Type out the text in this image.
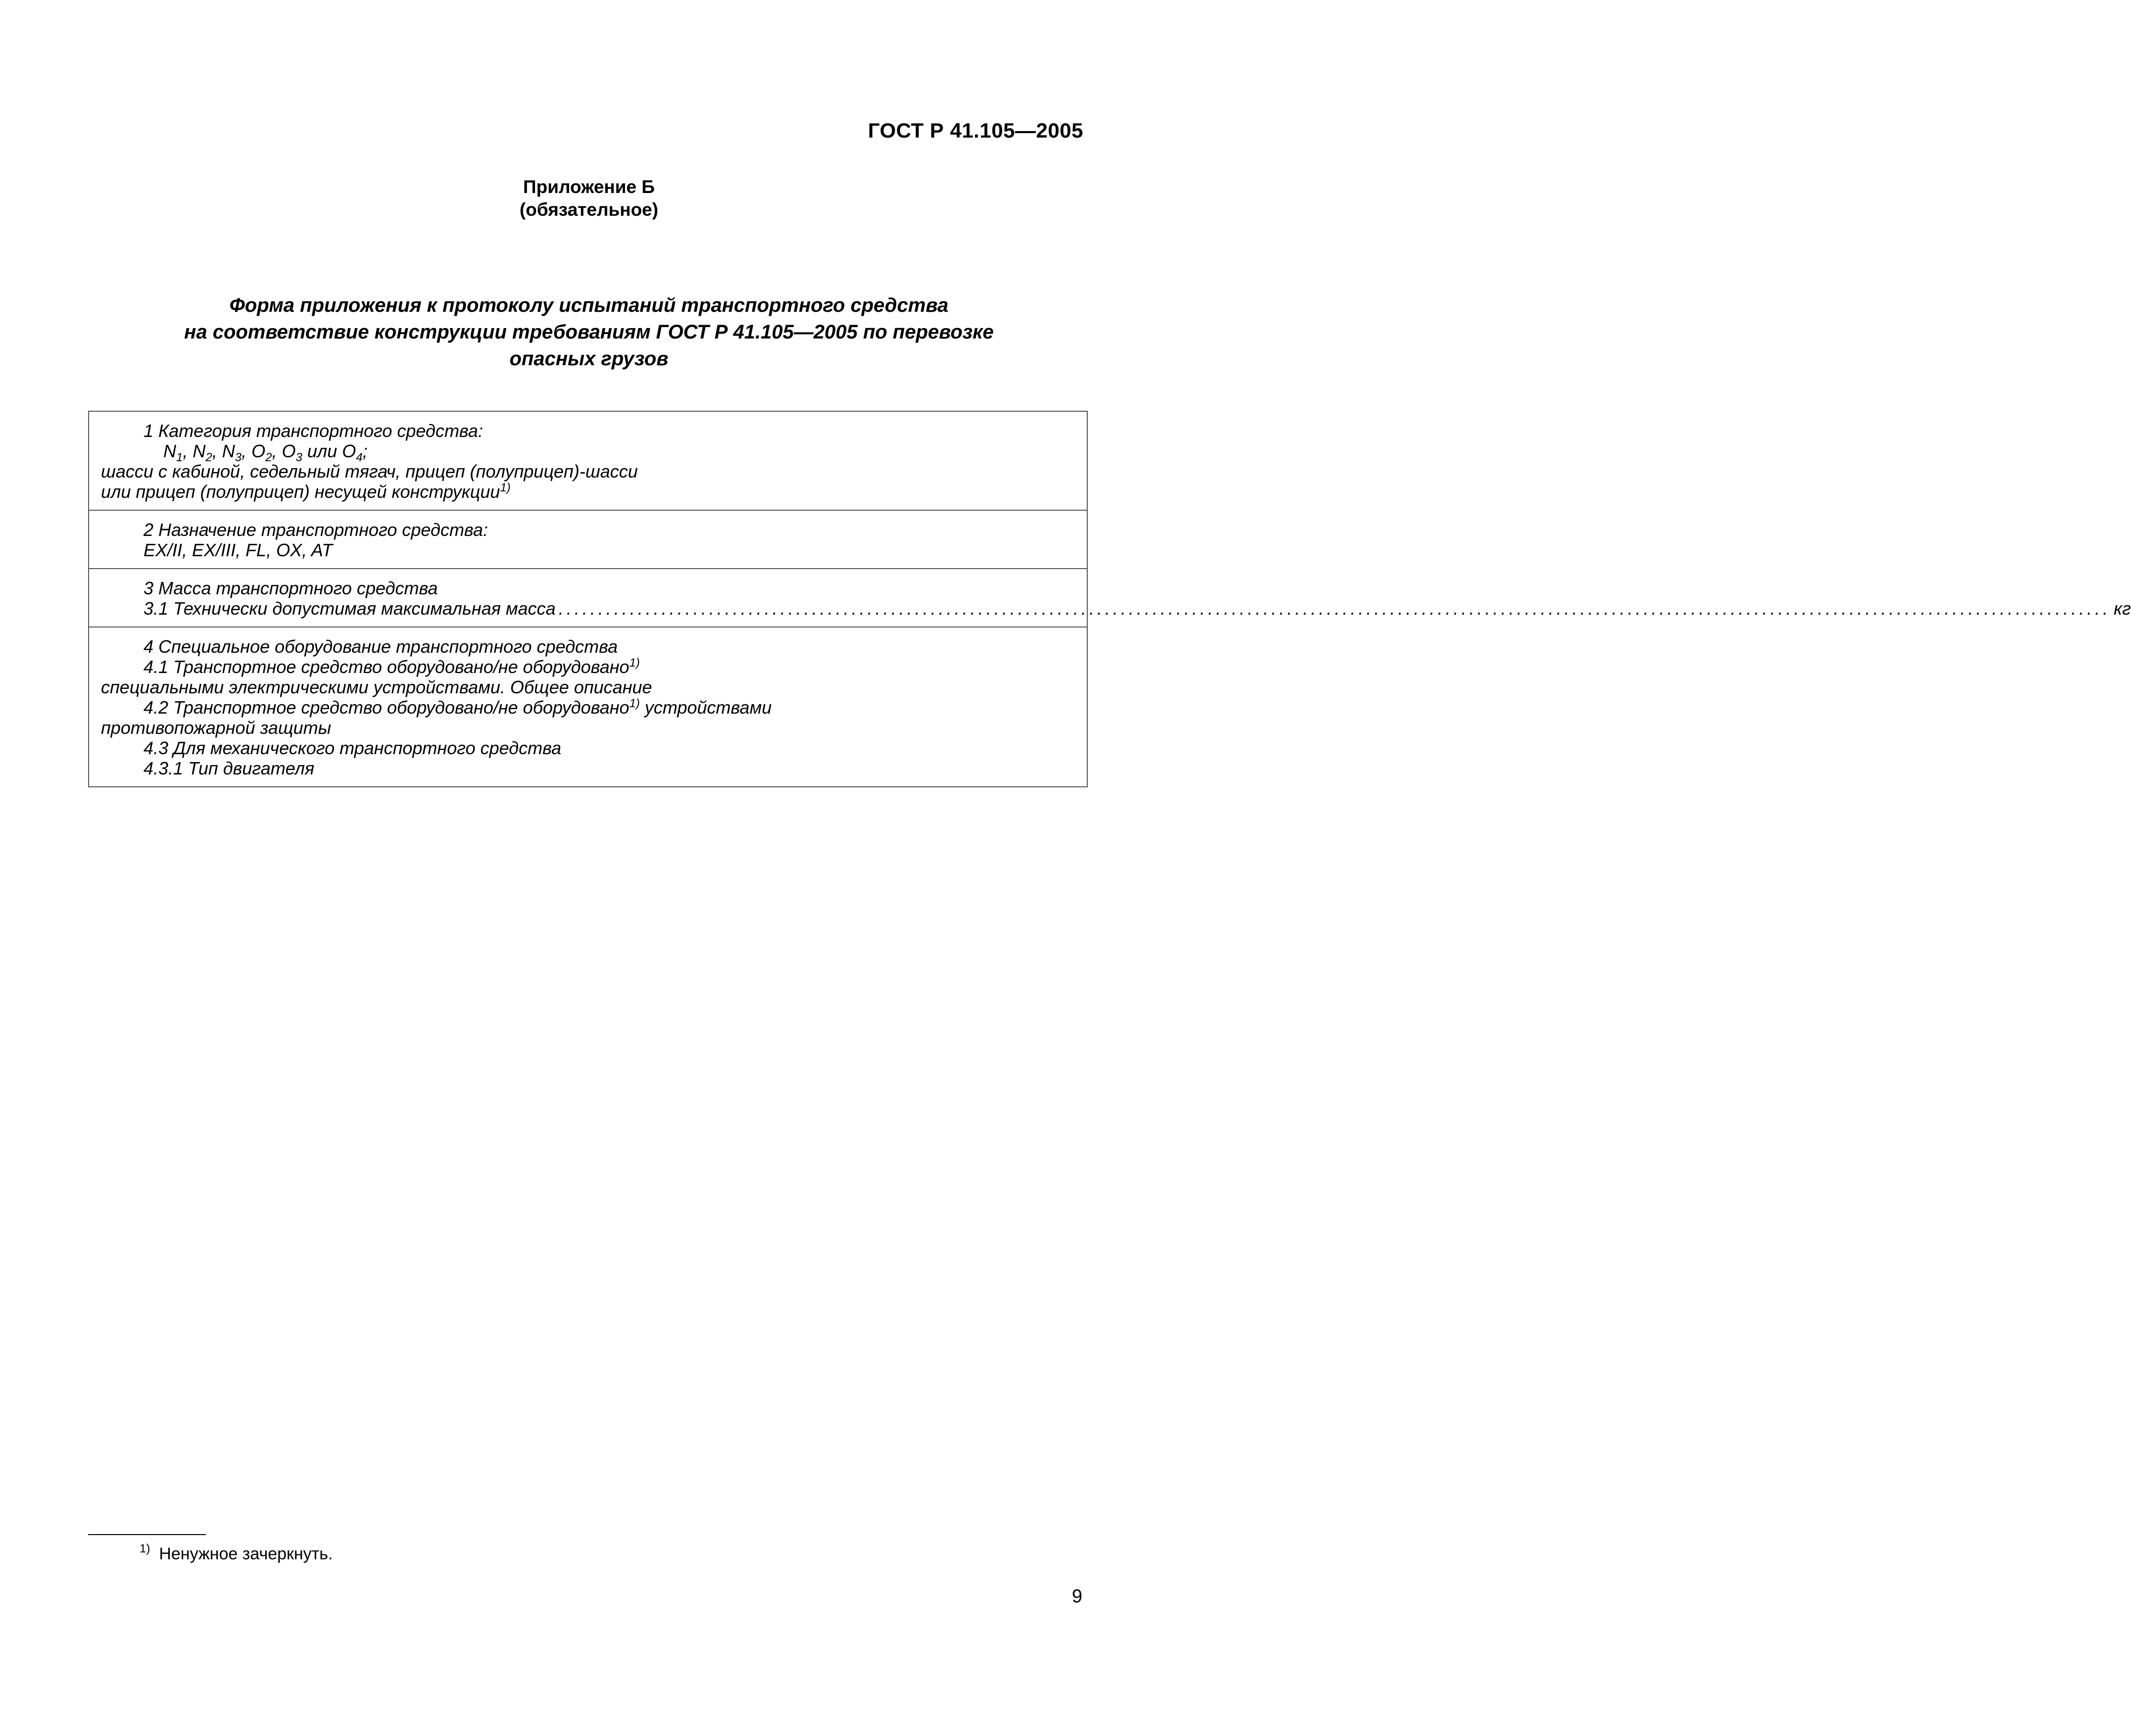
ГОСТ Р 41.105—2005
Приложение Б
(обязательное)
Форма приложения к протоколу испытаний транспортного средства
на соответствие конструкции требованиям ГОСТ Р 41.105—2005 по перевозке
опасных грузов
1 Категория транспортного средства:
$N_1$, $N_2$, $N_3$, $O_2$, $O_3$ или $O_4$;
шасси с кабиной, седельный тягач, прицеп (полуприцеп)-шасси
или прицеп (полуприцеп) несущей конструкции$^{1)}$
2 Назначение транспортного средства:
EX/II, EX/III, FL, OX, AT
3 Масса транспортного средства
3.1 Технически допустимая максимальная масса .................................................................................................................................................................................................... кг
4 Специальное оборудование транспортного средства
4.1 Транспортное средство оборудовано/не оборудовано$^{1)}$
специальными электрическими устройствами. Общее описание
4.2 Транспортное средство оборудовано/не оборудовано$^{1)}$ устройствами
противопожарной защиты
4.3 Для механического транспортного средства
4.3.1 Тип двигателя
$^{1)}$ Ненужное зачеркнуть.
9
